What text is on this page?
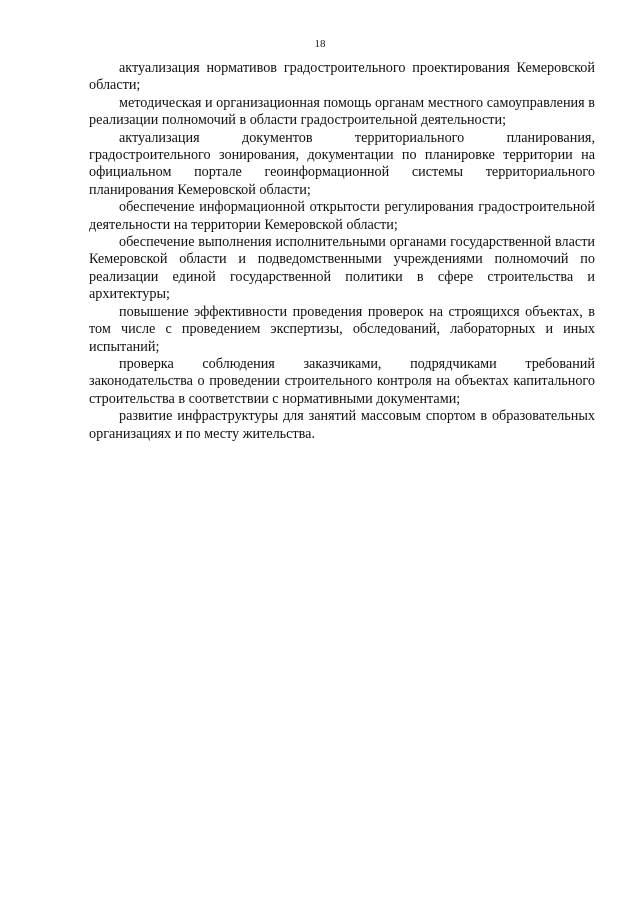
18

актуализация нормативов градостроительного проектирования Кемеровской области;

методическая и организационная помощь органам местного самоуправления в реализации полномочий в области градостроительной деятельности;

актуализация документов территориального планирования, градостроительного зонирования, документации по планировке территории на официальном портале геоинформационной системы территориального планирования Кемеровской области;

обеспечение информационной открытости регулирования градостроительной деятельности на территории Кемеровской области;

обеспечение выполнения исполнительными органами государственной власти Кемеровской области и подведомственными учреждениями полномочий по реализации единой государственной политики в сфере строительства и архитектуры;

повышение эффективности проведения проверок на строящихся объектах, в том числе с проведением экспертизы, обследований, лабораторных и иных испытаний;

проверка соблюдения заказчиками, подрядчиками требований законодательства о проведении строительного контроля на объектах капитального строительства в соответствии с нормативными документами;

развитие инфраструктуры для занятий массовым спортом в образовательных организациях и по месту жительства.
